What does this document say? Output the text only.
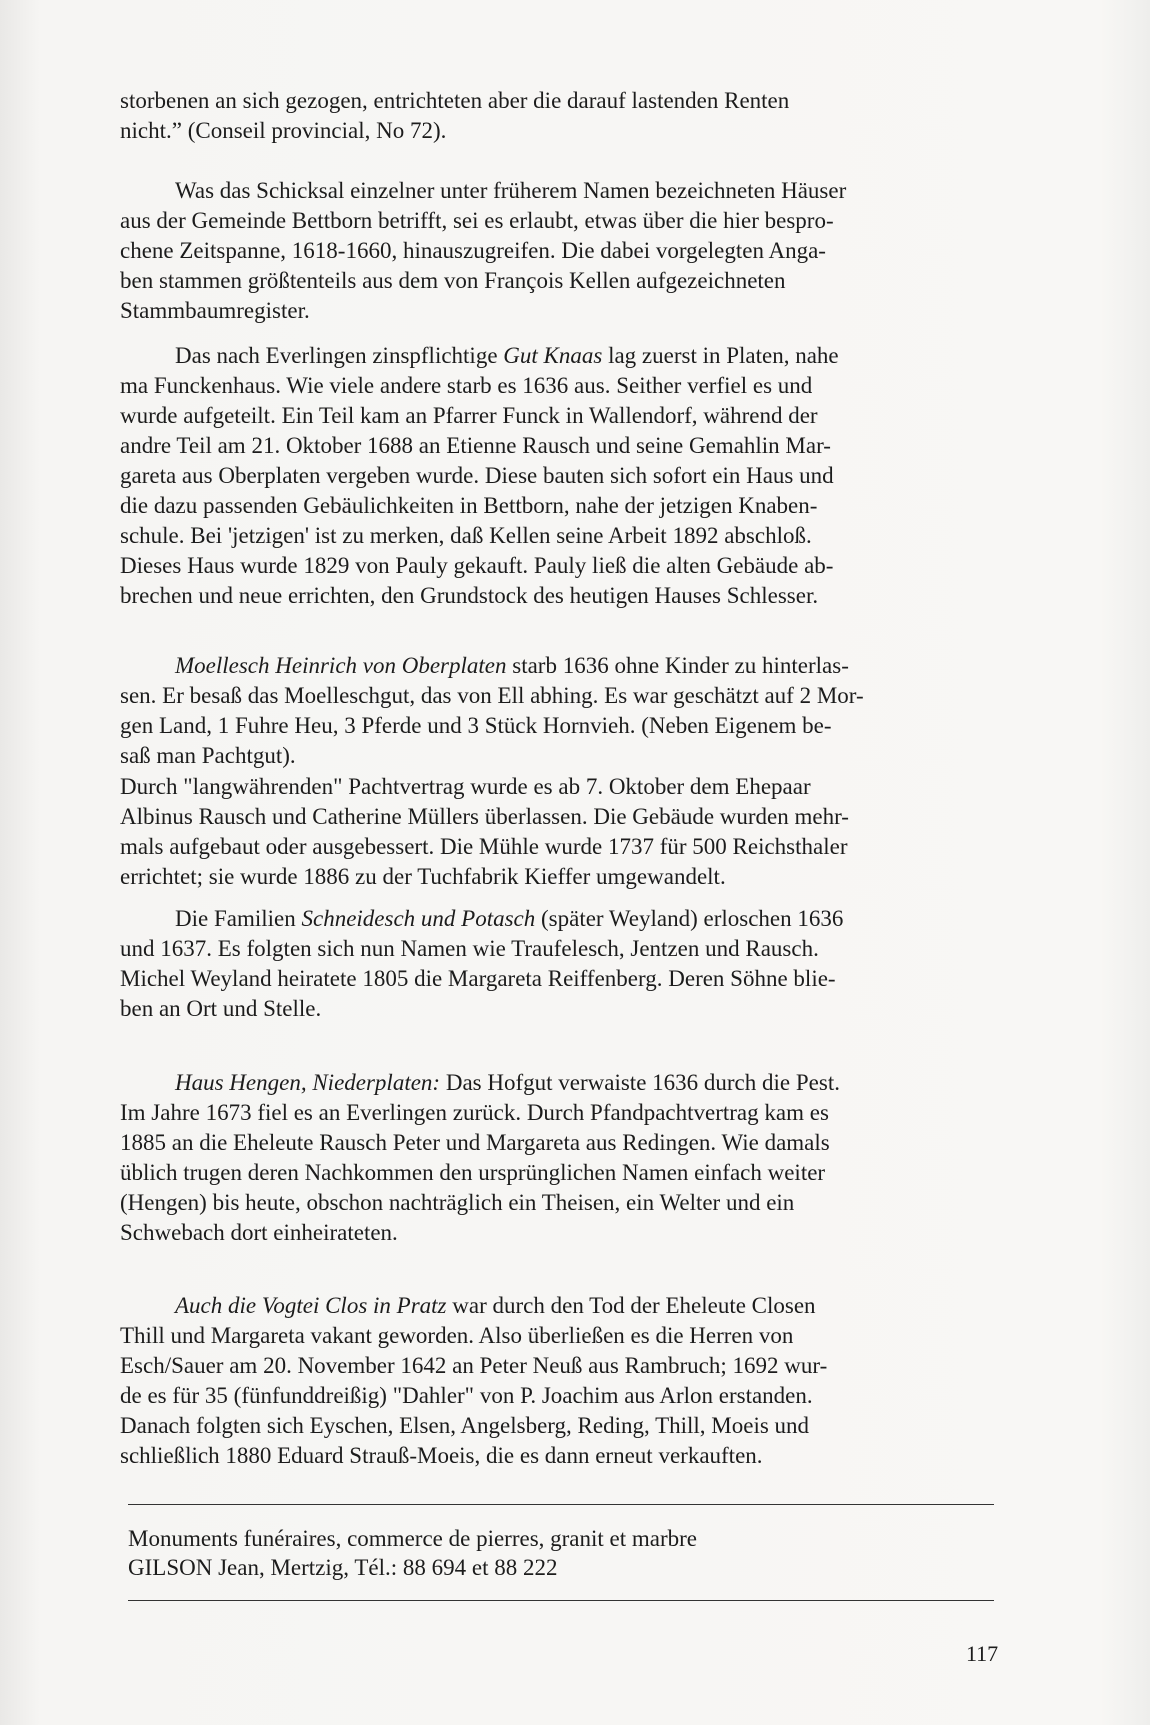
storbenen an sich gezogen, entrichteten aber die darauf lastenden Renten
nicht.” (Conseil provincial, No 72).

Was das Schicksal einzelner unter früherem Namen bezeichneten Häuser

aus der Gemeinde Bettborn betrifft, sei es erlaubt, etwas über die hier bespro-
chene Zeitspanne, 1618-1660, hinauszugreifen. Die dabei vorgelegten Anga-
ben stammen größtenteils aus dem von François Kellen aufgezeichneten
Stammbaumregister.

Das nach Everlingen zinspflichtige Gut Knaas lag zuerst in Platen, nahe

ma Funckenhaus. Wie viele andere starb es 1636 aus. Seither verfiel es und
wurde aufgeteilt. Ein Teil kam an Pfarrer Funck in Wallendorf, während der
andre Teil am 21. Oktober 1688 an Etienne Rausch und seine Gemahlin Mar-
gareta aus Oberplaten vergeben wurde. Diese bauten sich sofort ein Haus und
die dazu passenden Gebäulichkeiten in Bettborn, nahe der jetzigen Knaben-
schule. Bei 'jetzigen' ist zu merken, daß Kellen seine Arbeit 1892 abschloß.
Dieses Haus wurde 1829 von Pauly gekauft. Pauly ließ die alten Gebäude ab-
brechen und neue errichten, den Grundstock des heutigen Hauses Schlesser.

Moellesch Heinrich von Oberplaten starb 1636 ohne Kinder zu hinterlas-

sen. Er besaß das Moelleschgut, das von Ell abhing. Es war geschätzt auf 2 Mor-
gen Land, 1 Fuhre Heu, 3 Pferde und 3 Stück Hornvieh. (Neben Eigenem be-
saß man Pachtgut).

Durch "langwährenden" Pachtvertrag wurde es ab 7. Oktober dem Ehepaar
Albinus Rausch und Catherine Müllers überlassen. Die Gebäude wurden mehr-
mals aufgebaut oder ausgebessert. Die Mühle wurde 1737 für 500 Reichsthaler
errichtet; sie wurde 1886 zu der Tuchfabrik Kieffer umgewandelt.

Die Familien Schneidesch und Potasch (später Weyland) erloschen 1636

und 1637. Es folgten sich nun Namen wie Traufelesch, Jentzen und Rausch.
Michel Weyland heiratete 1805 die Margareta Reiffenberg. Deren Söhne blie-
ben an Ort und Stelle.

Haus Hengen, Niederplaten: Das Hofgut verwaiste 1636 durch die Pest.

Im Jahre 1673 fiel es an Everlingen zurück. Durch Pfandpachtvertrag kam es
1885 an die Eheleute Rausch Peter und Margareta aus Redingen. Wie damals
üblich trugen deren Nachkommen den ursprünglichen Namen einfach weiter
(Hengen) bis heute, obschon nachträglich ein Theisen, ein Welter und ein
Schwebach dort einheirateten.

Auch die Vogtei Clos in Pratz war durch den Tod der Eheleute Closen

Thill und Margareta vakant geworden. Also überließen es die Herren von
Esch/Sauer am 20. November 1642 an Peter Neuß aus Rambruch; 1692 wur-
de es für 35 (fünfunddreißig) "Dahler" von P. Joachim aus Arlon erstanden.
Danach folgten sich Eyschen, Elsen, Angelsberg, Reding, Thill, Moeis und
schließlich 1880 Eduard Strauß-Moeis, die es dann erneut verkauften.

Monuments funéraires, commerce de pierres, granit et marbre
GILSON Jean, Mertzig, Tél.: 88 694 et 88 222
117
